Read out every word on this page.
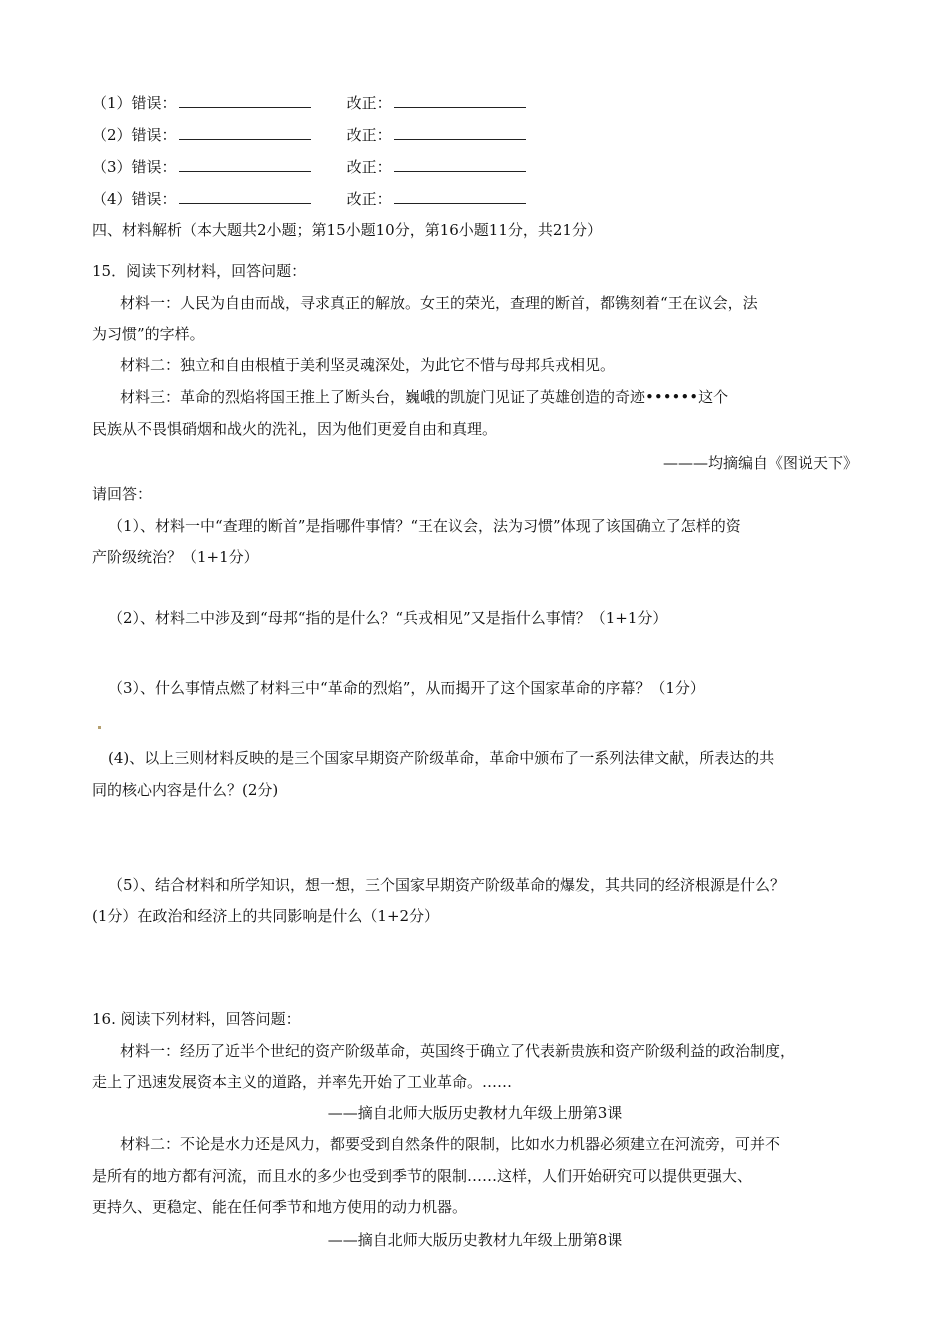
（1）错误：	改正：
（2）错误：	改正：
（3）错误：	改正：
（4）错误：	改正：
四、材料解析（本大题共2小题；第15小题10分，第16小题11分，共21分）
15．阅读下列材料，回答问题：
材料一：人民为自由而战，寻求真正的解放。女王的荣光，查理的断首，都镌刻着“王在议会，法
为习惯”的字样。
材料二：独立和自由根植于美利坚灵魂深处，为此它不惜与母邦兵戎相见。
材料三：革命的烈焰将国王推上了断头台，巍峨的凯旋门见证了英雄创造的奇迹••••••这个
民族从不畏惧硝烟和战火的洗礼，因为他们更爱自由和真理。
———均摘编自《图说天下》
请回答：
（1）、材料一中“查理的断首”是指哪件事情？“王在议会，法为习惯”体现了该国确立了怎样的资
产阶级统治？（1+1分）
（2）、材料二中涉及到“母邦“指的是什么？“兵戎相见”又是指什么事情？（1+1分）
（3）、什么事情点燃了材料三中“革命的烈焰”，从而揭开了这个国家革命的序幕？（1分）
(4)、以上三则材料反映的是三个国家早期资产阶级革命，革命中颁布了一系列法律文献，所表达的共
同的核心内容是什么？(2分)
（5）、结合材料和所学知识，想一想，三个国家早期资产阶级革命的爆发，其共同的经济根源是什么？
(1分）在政治和经济上的共同影响是什么（1+2分）
16. 阅读下列材料，回答问题：
材料一：经历了近半个世纪的资产阶级革命，英国终于确立了代表新贵族和资产阶级利益的政治制度，
走上了迅速发展资本主义的道路，并率先开始了工业革命。……
——摘自北师大版历史教材九年级上册第3课
材料二：不论是水力还是风力，都要受到自然条件的限制，比如水力机器必须建立在河流旁，可并不
是所有的地方都有河流，而且水的多少也受到季节的限制……这样，人们开始研究可以提供更强大、
更持久、更稳定、能在任何季节和地方使用的动力机器。
——摘自北师大版历史教材九年级上册第8课
